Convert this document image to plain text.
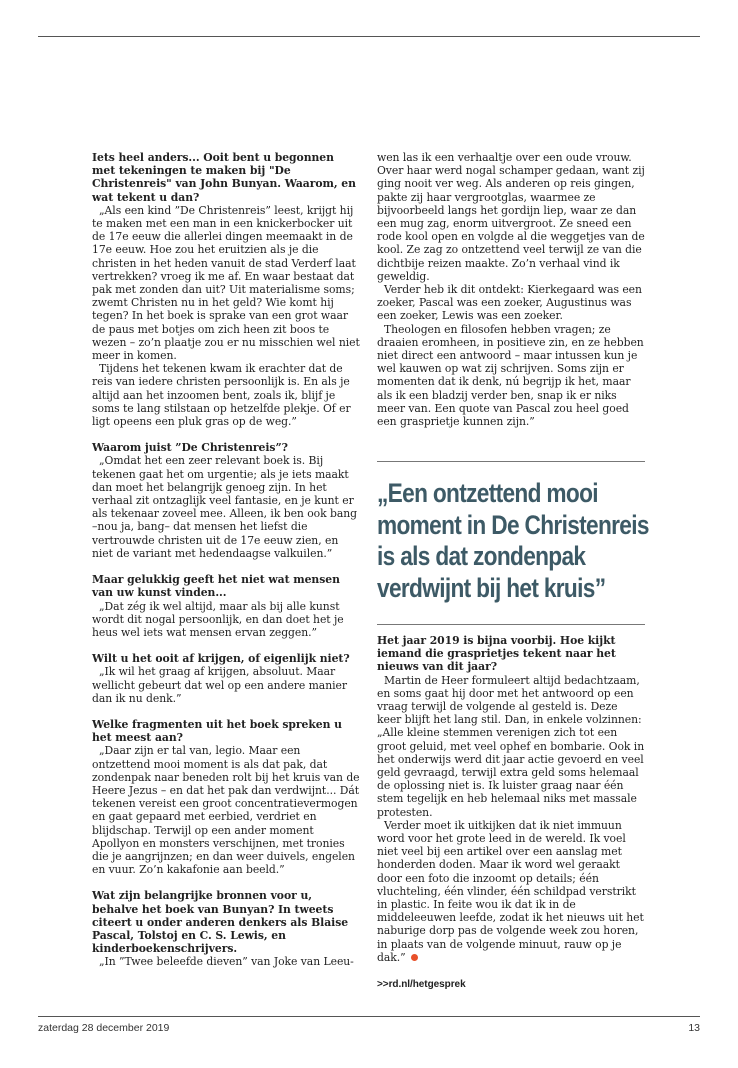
Iets heel anders... Ooit bent u begonnen met tekeningen te maken bij "De Christenreis" van John Bunyan. Waarom, en wat tekent u dan?

„Als een kind ”De Christenreis” leest, krijgt hij te maken met een man in een knickerbocker uit de 17e eeuw die allerlei dingen meemaakt in de 17e eeuw. Hoe zou het eruitzien als je die christen in het heden vanuit de stad Verderf laat vertrekken? vroeg ik me af. En waar bestaat dat pak met zonden dan uit? Uit materialisme soms; zwemt Christen nu in het geld? Wie komt hij tegen? In het boek is sprake van een grot waar de paus met botjes om zich heen zit boos te wezen – zo’n plaatje zou er nu misschien wel niet meer in komen.

Tijdens het tekenen kwam ik erachter dat de reis van iedere christen persoonlijk is. En als je altijd aan het inzoomen bent, zoals ik, blijf je soms te lang stilstaan op hetzelfde plekje. Of er ligt opeens een pluk gras op de weg.”

Waarom juist ”De Christenreis”?

„Omdat het een zeer relevant boek is. Bij tekenen gaat het om urgentie; als je iets maakt dan moet het belangrijk genoeg zijn. In het verhaal zit ontzaglijk veel fantasie, en je kunt er als tekenaar zoveel mee. Alleen, ik ben ook bang –nou ja, bang– dat mensen het liefst die vertrouwde christen uit de 17e eeuw zien, en niet de variant met hedendaagse valkuilen.”

Maar gelukkig geeft het niet wat mensen van uw kunst vinden...

„Dat zég ik wel altijd, maar als bij alle kunst wordt dit nogal persoonlijk, en dan doet het je heus wel iets wat mensen ervan zeggen.”

Wilt u het ooit af krijgen, of eigenlijk niet?

„Ik wil het graag af krijgen, absoluut. Maar wellicht gebeurt dat wel op een andere manier dan ik nu denk.”

Welke fragmenten uit het boek spreken u het meest aan?

„Daar zijn er tal van, legio. Maar een ontzettend mooi moment is als dat pak, dat zondenpak naar beneden rolt bij het kruis van de Heere Jezus – en dat het pak dan verdwijnt... Dát tekenen vereist een groot concentratievermogen en gaat gepaard met eerbied, verdriet en blijdschap. Terwijl op een ander moment Apollyon en monsters verschijnen, met tronies die je aangrijnzen; en dan weer duivels, engelen en vuur. Zo’n kakafonie aan beeld.”

Wat zijn belangrijke bronnen voor u, behalve het boek van Bunyan? In tweets citeert u onder anderen denkers als Blaise Pascal, Tolstoj en C. S. Lewis, en kinderboekenschrijvers.

„In ”Twee beleefde dieven” van Joke van Leeu-

wen las ik een verhaaltje over een oude vrouw. Over haar werd nogal schamper gedaan, want zij ging nooit ver weg. Als anderen op reis gingen, pakte zij haar vergrootglas, waarmee ze bijvoorbeeld langs het gordijn liep, waar ze dan een mug zag, enorm uitvergroot. Ze sneed een rode kool open en volgde al die weggetjes van de kool. Ze zag zo ontzettend veel terwijl ze van die dichtbije reizen maakte. Zo’n verhaal vind ik geweldig.

Verder heb ik dit ontdekt: Kierkegaard was een zoeker, Pascal was een zoeker, Augustinus was een zoeker, Lewis was een zoeker.

Theologen en filosofen hebben vragen; ze draaien eromheen, in positieve zin, en ze hebben niet direct een antwoord – maar intussen kun je wel kauwen op wat zij schrijven. Soms zijn er momenten dat ik denk, nú begrijp ik het, maar als ik een bladzij verder ben, snap ik er niks meer van. Een quote van Pascal zou heel goed een grasprietje kunnen zijn.”

„Een ontzettend mooi moment in De Christenreis is als dat zondenpak verdwijnt bij het kruis”

Het jaar 2019 is bijna voorbij. Hoe kijkt iemand die grasprietjes tekent naar het nieuws van dit jaar?

Martin de Heer formuleert altijd bedachtzaam, en soms gaat hij door met het antwoord op een vraag terwijl de volgende al gesteld is. Deze keer blijft het lang stil. Dan, in enkele volzinnen: „Alle kleine stemmen verenigen zich tot een groot geluid, met veel ophef en bombarie. Ook in het onderwijs werd dit jaar actie gevoerd en veel geld gevraagd, terwijl extra geld soms helemaal de oplossing niet is. Ik luister graag naar één stem tegelijk en heb helemaal niks met massale protesten.

Verder moet ik uitkijken dat ik niet immuun word voor het grote leed in de wereld. Ik voel niet veel bij een artikel over een aanslag met honderden doden. Maar ik word wel geraakt door een foto die inzoomt op details; één vluchteling, één vlinder, één schildpad verstrikt in plastic. In feite wou ik dat ik in de middeleeuwen leefde, zodat ik het nieuws uit het naburige dorp pas de volgende week zou horen, in plaats van de volgende minuut, rauw op je dak.”

>>rd.nl/hetgesprek
zaterdag 28 december 2019	13
